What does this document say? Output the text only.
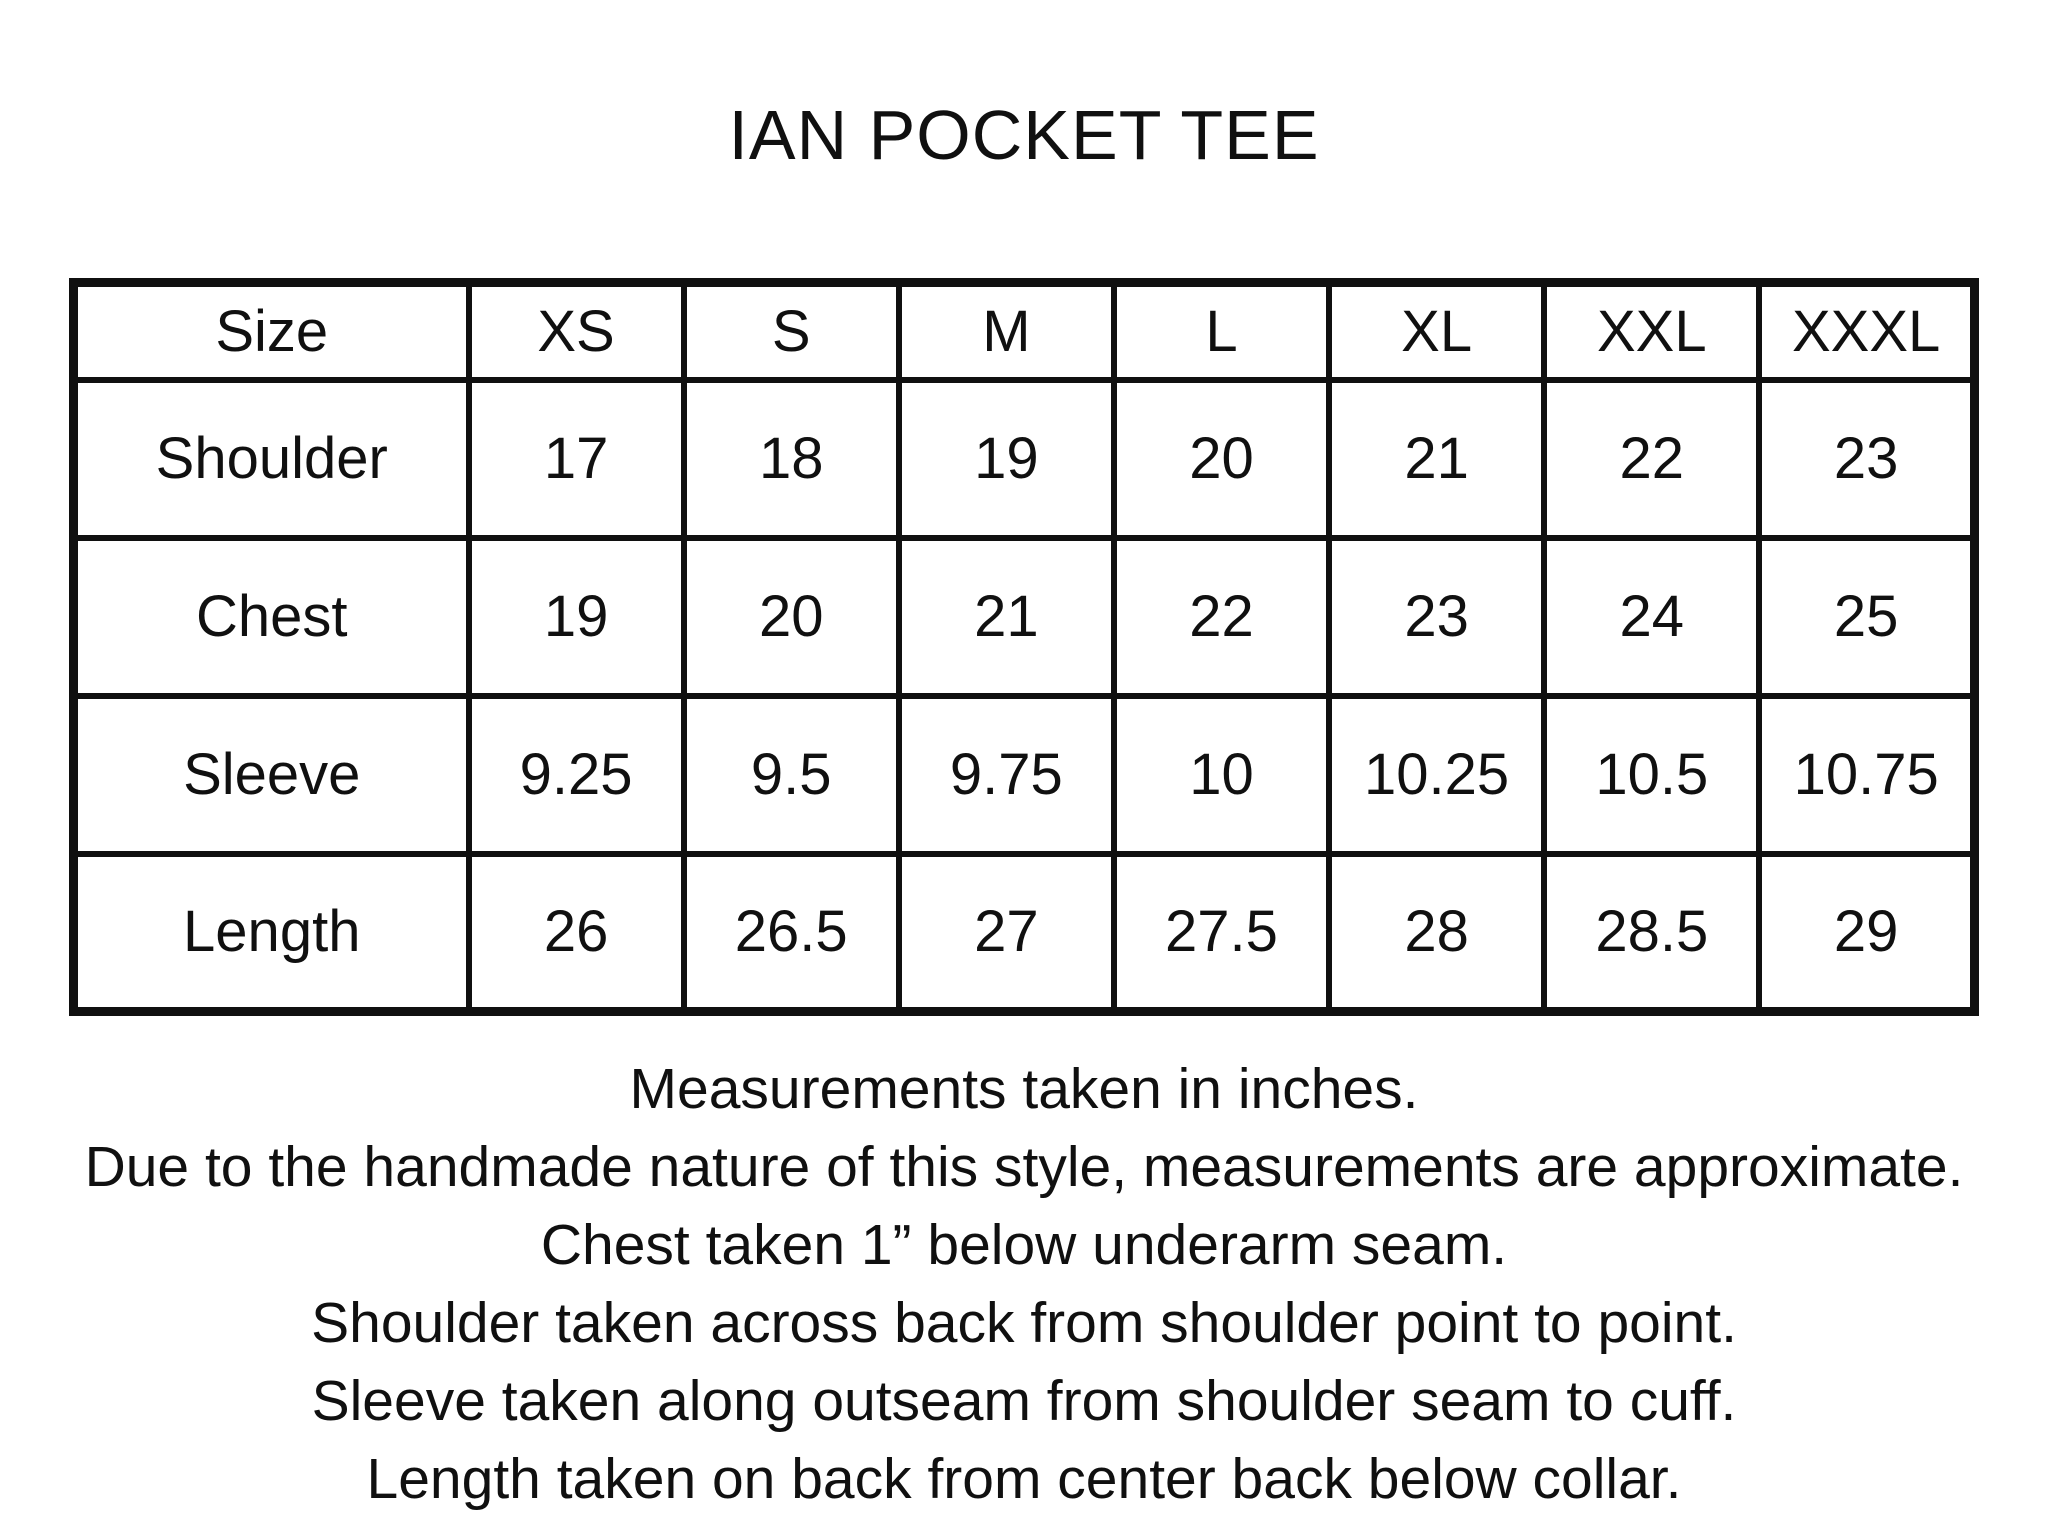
IAN POCKET TEE
Size	XS	S	M	L	XL	XXL	XXXL
Shoulder	17	18	19	20	21	22	23
Chest	19	20	21	22	23	24	25
Sleeve	9.25	9.5	9.75	10	10.25	10.5	10.75
Length	26	26.5	27	27.5	28	28.5	29

Measurements taken in inches.

Due to the handmade nature of this style, measurements are approximate.

Chest taken 1” below underarm seam.

Shoulder taken across back from shoulder point to point.

Sleeve taken along outseam from shoulder seam to cuff.

Length taken on back from center back below collar.
